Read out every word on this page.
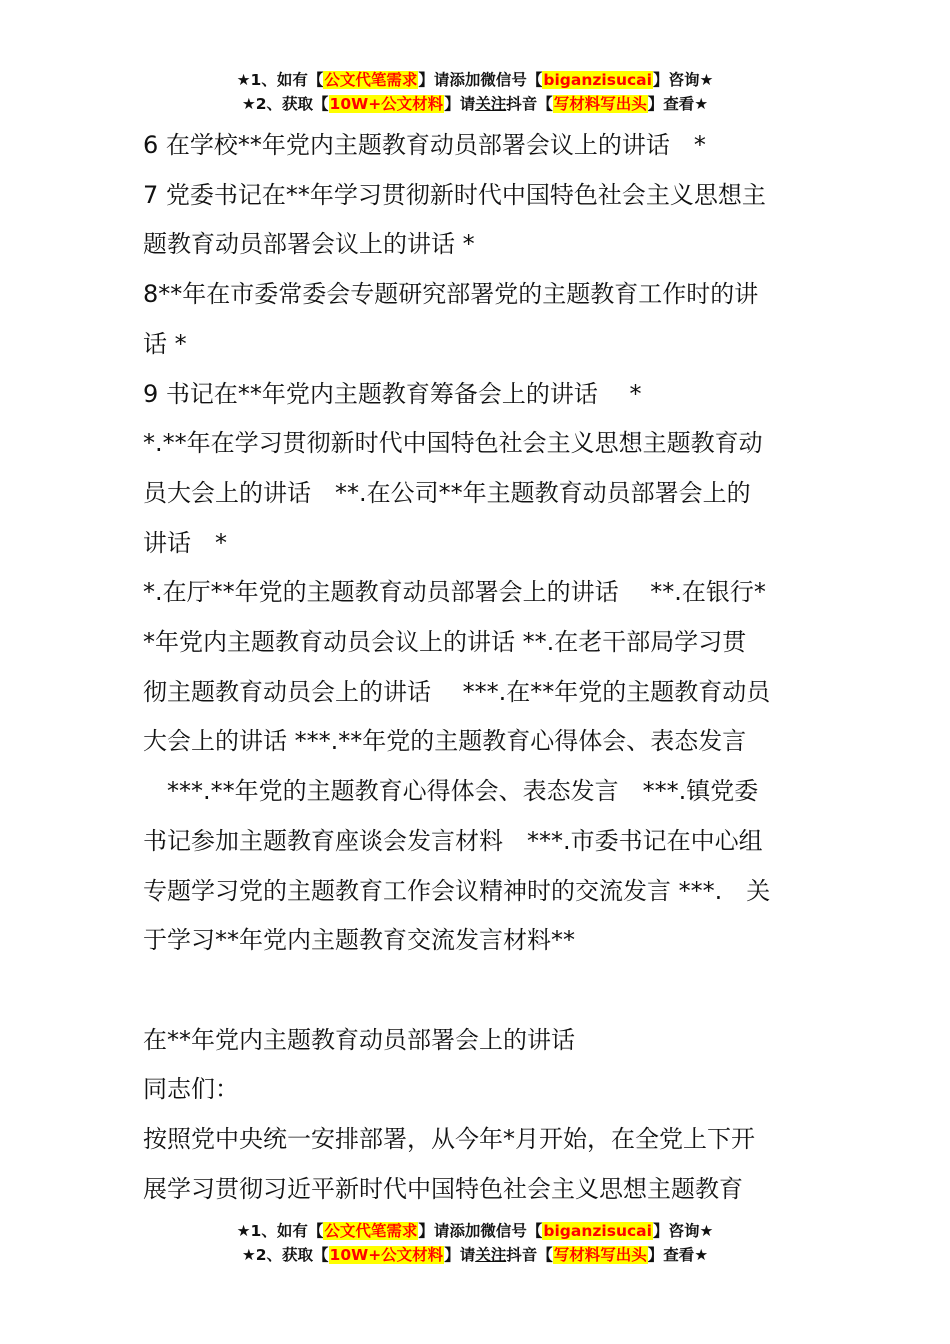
★1、如有【公文代笔需求】请添加微信号【biganzisucai】咨询★
★2、获取【10W+公文材料】请关注抖音【写材料写出头】查看★

6 在学校**年党内主题教育动员部署会议上的讲话　*

7 党委书记在**年学习贯彻新时代中国特色社会主义思想主

题教育动员部署会议上的讲话 *

8**年在市委常委会专题研究部署党的主题教育工作时的讲

话 *

9 书记在**年党内主题教育筹备会上的讲话　 *

*.**年在学习贯彻新时代中国特色社会主义思想主题教育动

员大会上的讲话　**.在公司**年主题教育动员部署会上的

讲话　*

*.在厅**年党的主题教育动员部署会上的讲话　 **.在银行*

*年党内主题教育动员会议上的讲话 **.在老干部局学习贯

彻主题教育动员会上的讲话　 ***.在**年党的主题教育动员

大会上的讲话 ***.**年党的主题教育心得体会、表态发言

　***.**年党的主题教育心得体会、表态发言　***.镇党委

书记参加主题教育座谈会发言材料　***.市委书记在中心组

专题学习党的主题教育工作会议精神时的交流发言 ***.　关

于学习**年党内主题教育交流发言材料**

在**年党内主题教育动员部署会上的讲话

同志们：

按照党中央统一安排部署，从今年*月开始，在全党上下开

展学习贯彻习近平新时代中国特色社会主义思想主题教育

★1、如有【公文代笔需求】请添加微信号【biganzisucai】咨询★
★2、获取【10W+公文材料】请关注抖音【写材料写出头】查看★
